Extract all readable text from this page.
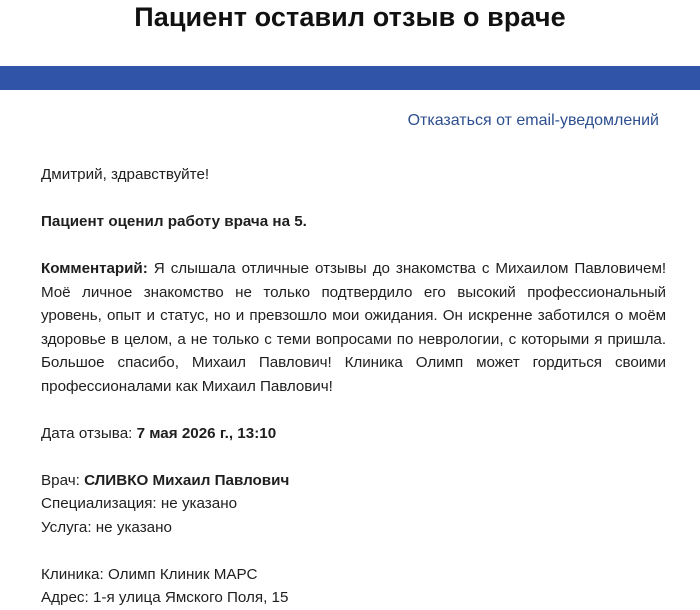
Пациент оставил отзыв о враче
Отказаться от email-уведомлений

Дмитрий, здравствуйте!

Пациент оценил работу врача на 5.

Комментарий: Я слышала отличные отзывы до знакомства с Михаилом Павловичем! Моё личное знакомство не только подтвердило его высокий профессиональный уровень, опыт и статус, но и превзошло мои ожидания. Он искренне заботился о моём здоровье в целом, а не только с теми вопросами по неврологии, с которыми я пришла. Большое спасибо, Михаил Павлович! Клиника Олимп может гордиться своими профессионалами как Михаил Павлович!

Дата отзыва: 7 мая 2026 г., 13:10

Врач: СЛИВКО Михаил Павлович

Специализация: не указано

Услуга: не указано

Клиника: Олимп Клиник МАРС

Адрес: 1-я улица Ямского Поля, 15
